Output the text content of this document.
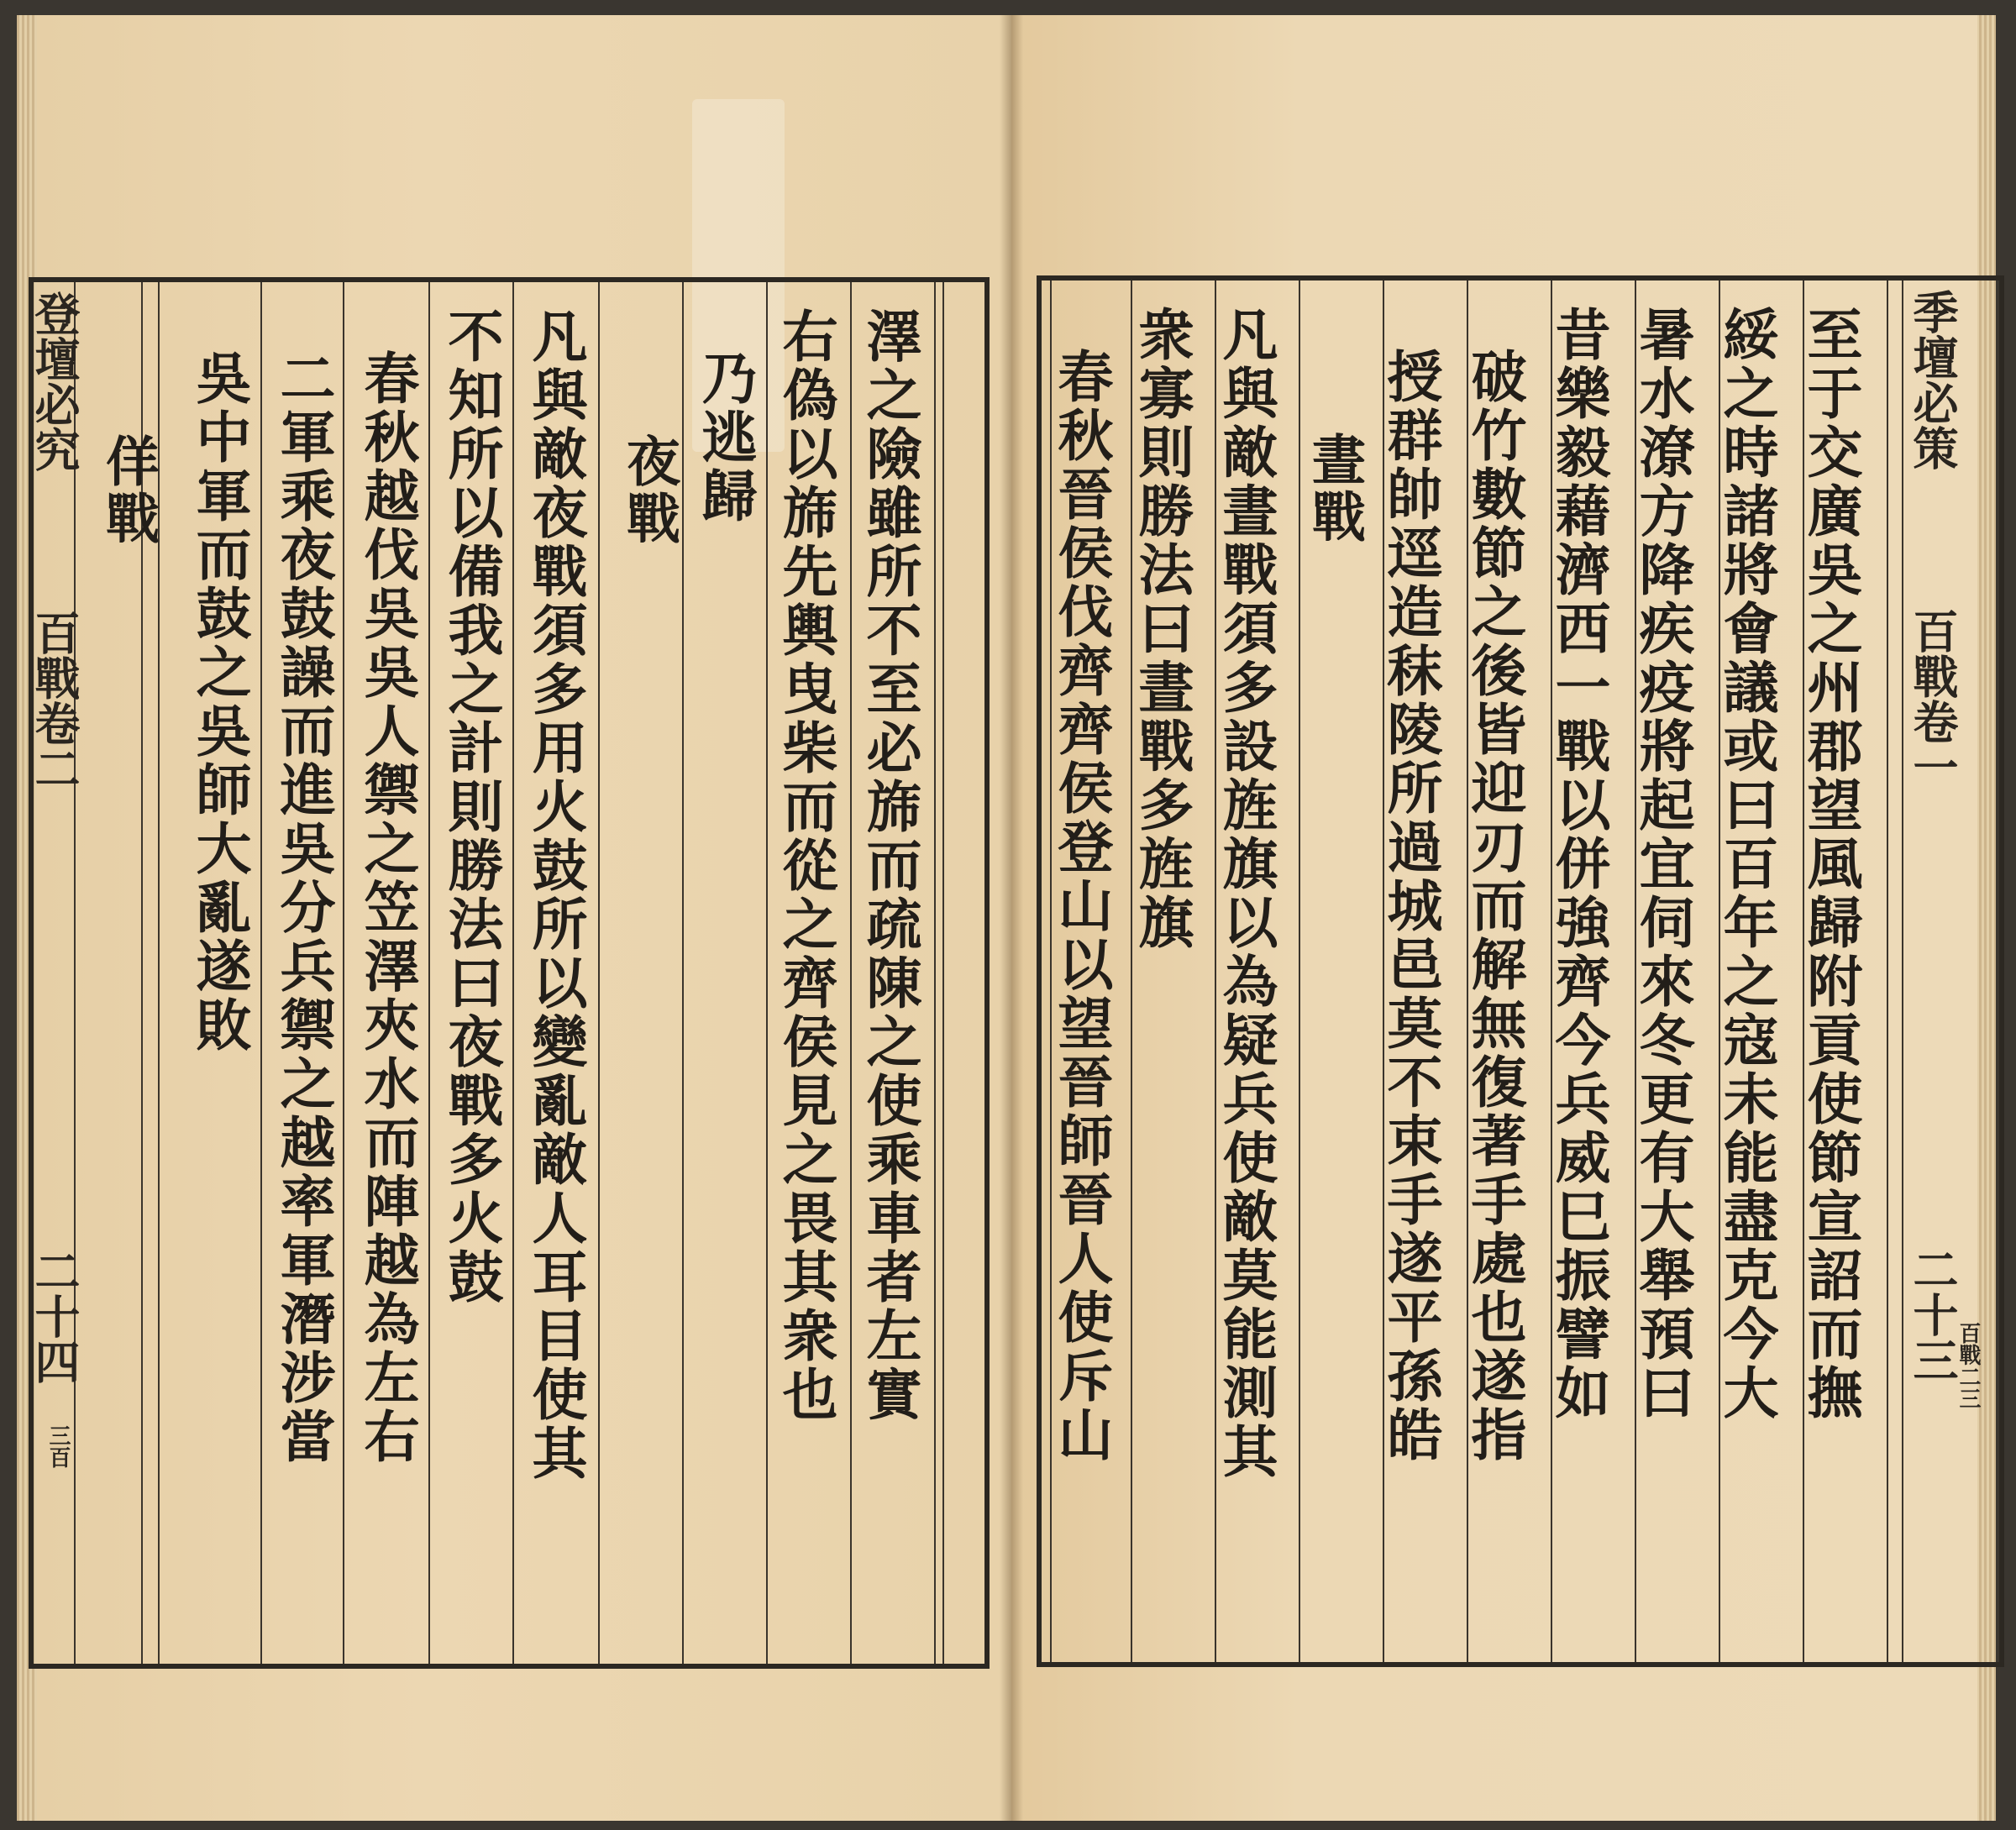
澤之險雖所不至必旆而疏陳之使乘車者左實
右偽以旆先輿曳柴而從之齊侯見之畏其衆也
乃逃歸
夜戰
凡與敵夜戰須多用火鼓所以變亂敵人耳目使其
不知所以備我之計則勝法曰夜戰多火鼓
春秋越伐吳吳人禦之笠澤夾水而陣越為左右
二軍乘夜鼓譟而進吳分兵禦之越率軍潛涉當
吳中軍而鼓之吳師大亂遂敗
佯戰
登壇必究
百戰卷二
二十四
三百
至于交廣吳之州郡望風歸附貢使節宣詔而撫
綏之時諸將會議或曰百年之寇未能盡克今大
暑水潦方降疾疫將起宜伺來冬更有大舉預曰
昔樂毅藉濟西一戰以併強齊今兵威巳振譬如
破竹數節之後皆迎刃而解無復著手處也遂指
授群帥逕造秣陵所過城邑莫不束手遂平孫皓
晝戰
凡與敵晝戰須多設旌旗以為疑兵使敵莫能測其
衆寡則勝法曰晝戰多旌旗
春秋晉侯伐齊齊侯登山以望晉師晉人使斥山	季壇必策
百戰卷一
二十三
百戰二三
